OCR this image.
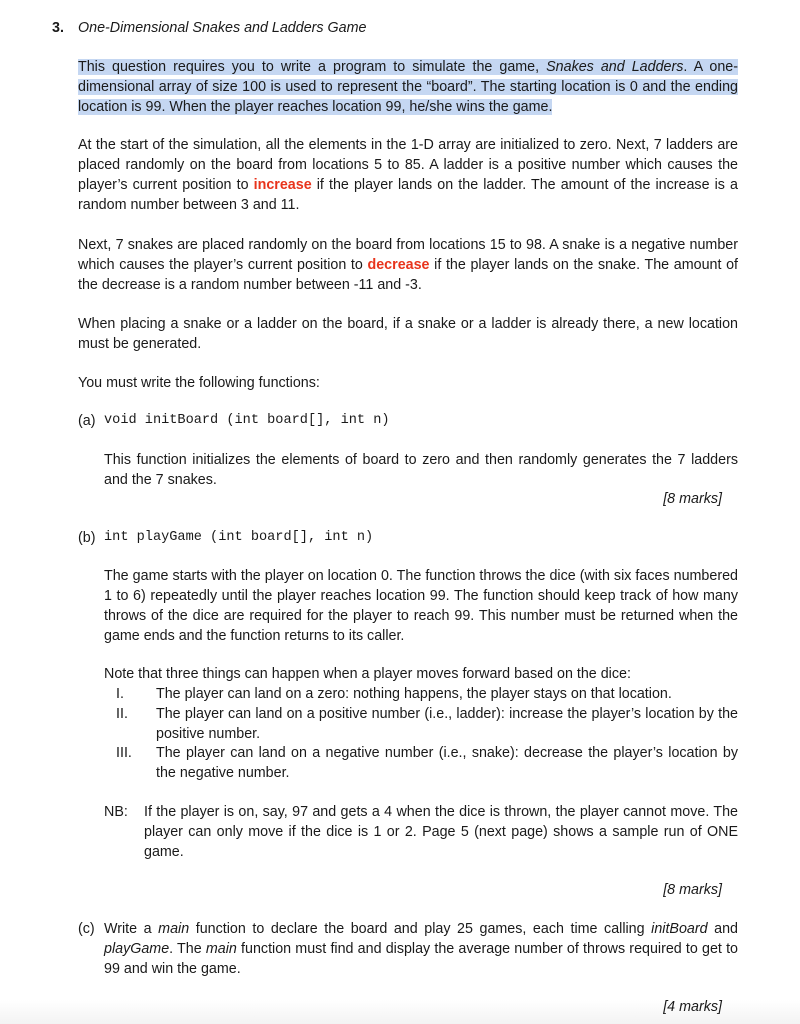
3. One-Dimensional Snakes and Ladders Game
This question requires you to write a program to simulate the game, Snakes and Ladders. A one-dimensional array of size 100 is used to represent the “board”. The starting location is 0 and the ending location is 99. When the player reaches location 99, he/she wins the game.
At the start of the simulation, all the elements in the 1-D array are initialized to zero. Next, 7 ladders are placed randomly on the board from locations 5 to 85. A ladder is a positive number which causes the player’s current position to increase if the player lands on the ladder. The amount of the increase is a random number between 3 and 11.
Next, 7 snakes are placed randomly on the board from locations 15 to 98. A snake is a negative number which causes the player’s current position to decrease if the player lands on the snake. The amount of the decrease is a random number between -11 and -3.
When placing a snake or a ladder on the board, if a snake or a ladder is already there, a new location must be generated.
You must write the following functions:
(a) void initBoard (int board[], int n)
This function initializes the elements of board to zero and then randomly generates the 7 ladders and the 7 snakes.
[8 marks]
(b) int playGame (int board[], int n)
The game starts with the player on location 0. The function throws the dice (with six faces numbered 1 to 6) repeatedly until the player reaches location 99. The function should keep track of how many throws of the dice are required for the player to reach 99. This number must be returned when the game ends and the function returns to its caller.
Note that three things can happen when a player moves forward based on the dice:
I. The player can land on a zero: nothing happens, the player stays on that location.
II. The player can land on a positive number (i.e., ladder): increase the player’s location by the positive number.
III. The player can land on a negative number (i.e., snake): decrease the player’s location by the negative number.
NB: If the player is on, say, 97 and gets a 4 when the dice is thrown, the player cannot move. The player can only move if the dice is 1 or 2. Page 5 (next page) shows a sample run of ONE game.
[8 marks]
(c) Write a main function to declare the board and play 25 games, each time calling initBoard and playGame. The main function must find and display the average number of throws required to get to 99 and win the game.
[4 marks]
